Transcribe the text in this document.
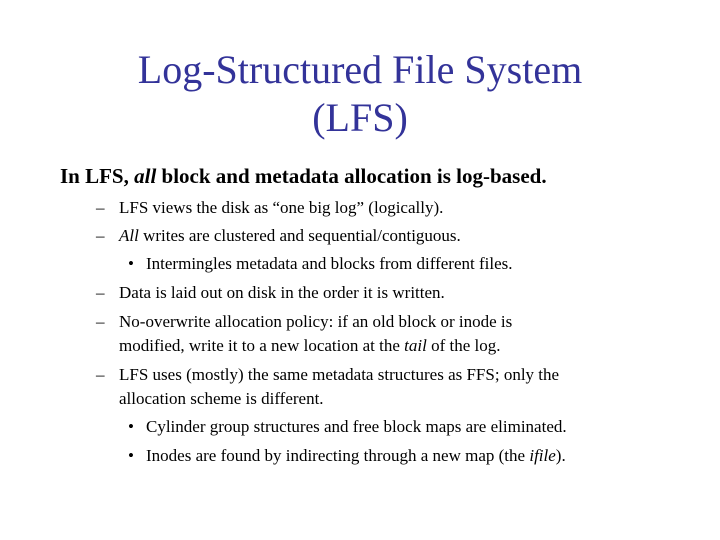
Log-Structured File System
(LFS)
In LFS, all block and metadata allocation is log-based.
– LFS views the disk as “one big log” (logically).
– All writes are clustered and sequential/contiguous.
• Intermingles metadata and blocks from different files.
– Data is laid out on disk in the order it is written.
– No-overwrite allocation policy: if an old block or inode is
modified, write it to a new location at the tail of the log.
– LFS uses (mostly) the same metadata structures as FFS; only the
allocation scheme is different.
• Cylinder group structures and free block maps are eliminated.
• Inodes are found by indirecting through a new map (the ifile).
